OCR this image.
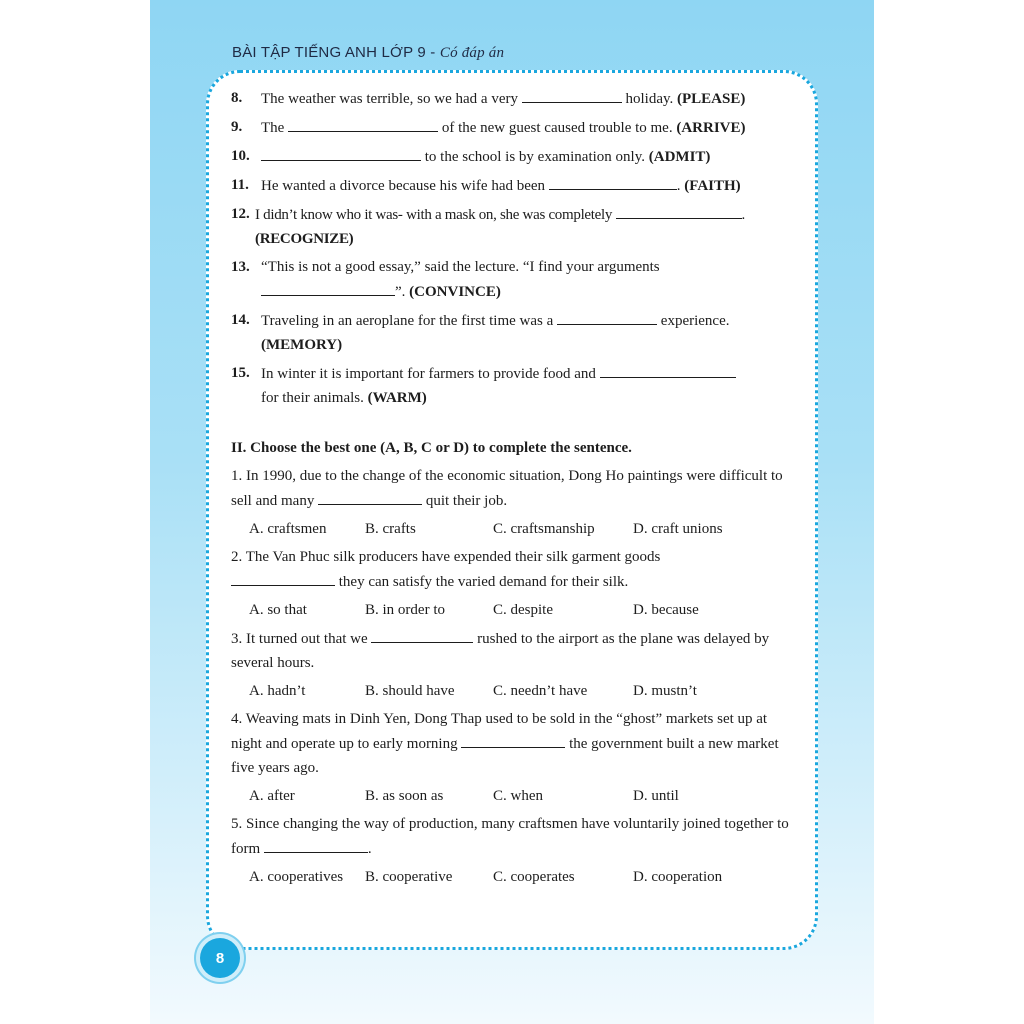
BÀI TẬP TIẾNG ANH LỚP 9 - Có đáp án
8.	The weather was terrible, so we had a very	holiday. (PLEASE)
9.	The	of the new guest caused trouble to me. (ARRIVE)
10.	to the school is by examination only. (ADMIT)
11. He wanted a divorce because his wife had been	. (FAITH)
12. I didn’t know who it was- with a mask on, she was completely	.
(RECOGNIZE)
13. “This is not a good essay,” said the lecture. “I find your arguments
”. (CONVINCE)
14. Traveling in an aeroplane for the first time was a	experience.
(MEMORY)
15. In winter it is important for farmers to provide food and
for their animals. (WARM)
II. Choose the best one (A, B, C or D) to complete the sentence.
1. In 1990, due to the change of the economic situation, Dong Ho paintings were difficult to sell and many	quit their job.
A. craftsmen	B. crafts	C. craftsmanship	D. craft unions
2. The Van Phuc silk producers have expended their silk garment goods
they can satisfy the varied demand for their silk.
A. so that	B. in order to	C. despite	D. because
3. It turned out that we	rushed to the airport as the plane was delayed by several hours.
A. hadn’t	B. should have	C. needn’t have	D. mustn’t
4. Weaving mats in Dinh Yen, Dong Thap used to be sold in the “ghost” markets set up at night and operate up to early morning	the government built a new market five years ago.
A. after	B. as soon as	C. when	D. until
5. Since changing the way of production, many craftsmen have voluntarily joined together to form	.
A. cooperatives	B. cooperative	C. cooperates	D. cooperation
8
